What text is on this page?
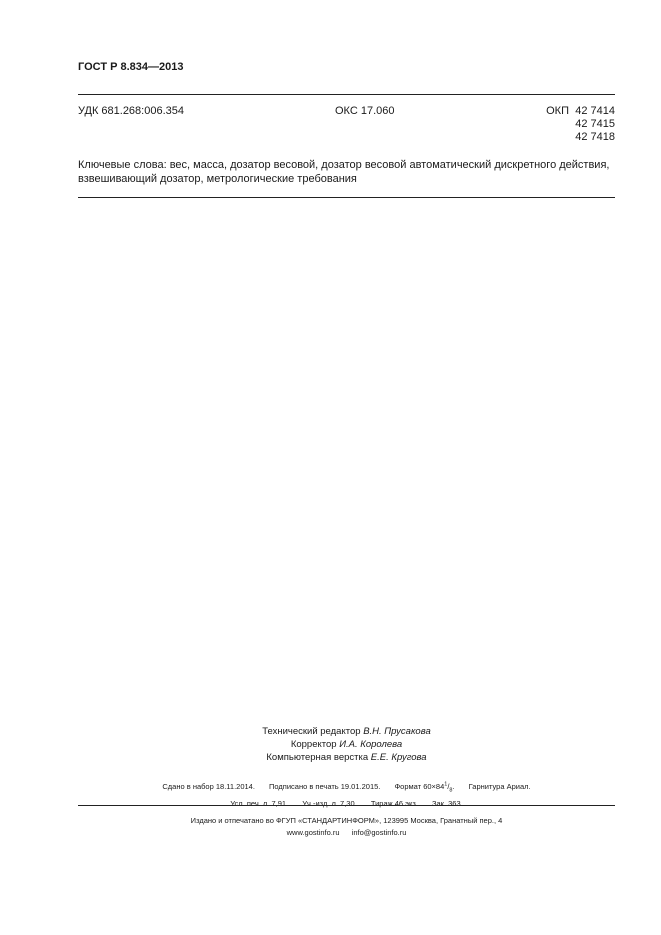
ГОСТ Р 8.834—2013
УДК 681.268:006.354	ОКС 17.060	ОКП 42 7414
42 7415
42 7418
Ключевые слова: вес, масса, дозатор весовой, дозатор весовой автоматический дискретного действия,
взвешивающий дозатор, метрологические требования
Технический редактор В.Н. Прусакова
Корректор И.А. Королева
Компьютерная верстка Е.Е. Кругова
Сдано в набор 18.11.2014. Подписано в печать 19.01.2015. Формат $60\times 84^1/_8$. Гарнитура Ариал.
Усл. печ. л. 7,91. Уч.-изд. л. 7,30. Тираж 46 экз. Зак. 363.
Издано и отпечатано во ФГУП «СТАНДАРТИНФОРМ», 123995 Москва, Гранатный пер., 4
www.gostinfo.ru info@gostinfo.ru
